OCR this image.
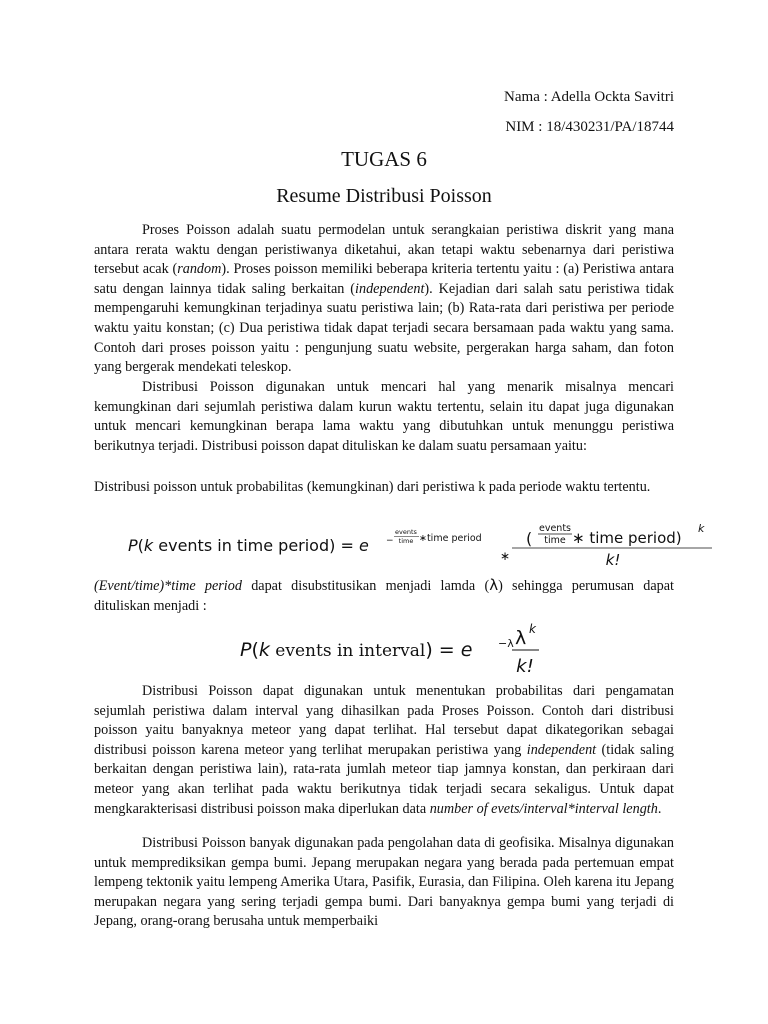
Nama : Adella Ockta Savitri
NIM : 18/430231/PA/18744
TUGAS 6
Resume Distribusi Poisson

Proses Poisson adalah suatu permodelan untuk serangkaian peristiwa diskrit yang mana antara rerata waktu dengan peristiwanya diketahui, akan tetapi waktu sebenarnya dari peristiwa tersebut acak (random). Proses poisson memiliki beberapa kriteria tertentu yaitu : (a) Peristiwa antara satu dengan lainnya tidak saling berkaitan (independent). Kejadian dari salah satu peristiwa tidak mempengaruhi kemungkinan terjadinya suatu peristiwa lain; (b) Rata-rata dari peristiwa per periode waktu yaitu konstan; (c) Dua peristiwa tidak dapat terjadi secara bersamaan pada waktu yang sama. Contoh dari proses poisson yaitu : pengunjung suatu website, pergerakan harga saham, dan foton yang bergerak mendekati teleskop.

Distribusi Poisson digunakan untuk mencari hal yang menarik misalnya mencari kemungkinan dari sejumlah peristiwa dalam kurun waktu tertentu, selain itu dapat juga digunakan untuk mencari kemungkinan berapa lama waktu yang dibutuhkan untuk menunggu peristiwa berikutnya terjadi. Distribusi poisson dapat dituliskan ke dalam suatu persamaan yaitu:

Distribusi poisson untuk probabilitas (kemungkinan) dari peristiwa k pada periode waktu tertentu.

P(k events in time period) = e −
events
time ∗time period
∗
(
events
time ∗ time period)
k
k!

(Event/time)*time period dapat disubstitusikan menjadi lamda (λ) sehingga perumusan dapat dituliskan menjadi :

P(k events in interval) = e −λ λ k
k!

Distribusi Poisson dapat digunakan untuk menentukan probabilitas dari pengamatan sejumlah peristiwa dalam interval yang dihasilkan pada Proses Poisson. Contoh dari distribusi poisson yaitu banyaknya meteor yang dapat terlihat. Hal tersebut dapat dikategorikan sebagai distribusi poisson karena meteor yang terlihat merupakan peristiwa yang independent (tidak saling berkaitan dengan peristiwa lain), rata-rata jumlah meteor tiap jamnya konstan, dan perkiraan dari meteor yang akan terlihat pada waktu berikutnya tidak terjadi secara sekaligus. Untuk dapat mengkarakterisasi distribusi poisson maka diperlukan data number of evets/interval*interval length.

Distribusi Poisson banyak digunakan pada pengolahan data di geofisika. Misalnya digunakan untuk memprediksikan gempa bumi. Jepang merupakan negara yang berada pada pertemuan empat lempeng tektonik yaitu lempeng Amerika Utara, Pasifik, Eurasia, dan Filipina. Oleh karena itu Jepang merupakan negara yang sering terjadi gempa bumi. Dari banyaknya gempa bumi yang terjadi di Jepang, orang-orang berusaha untuk memperbaiki
